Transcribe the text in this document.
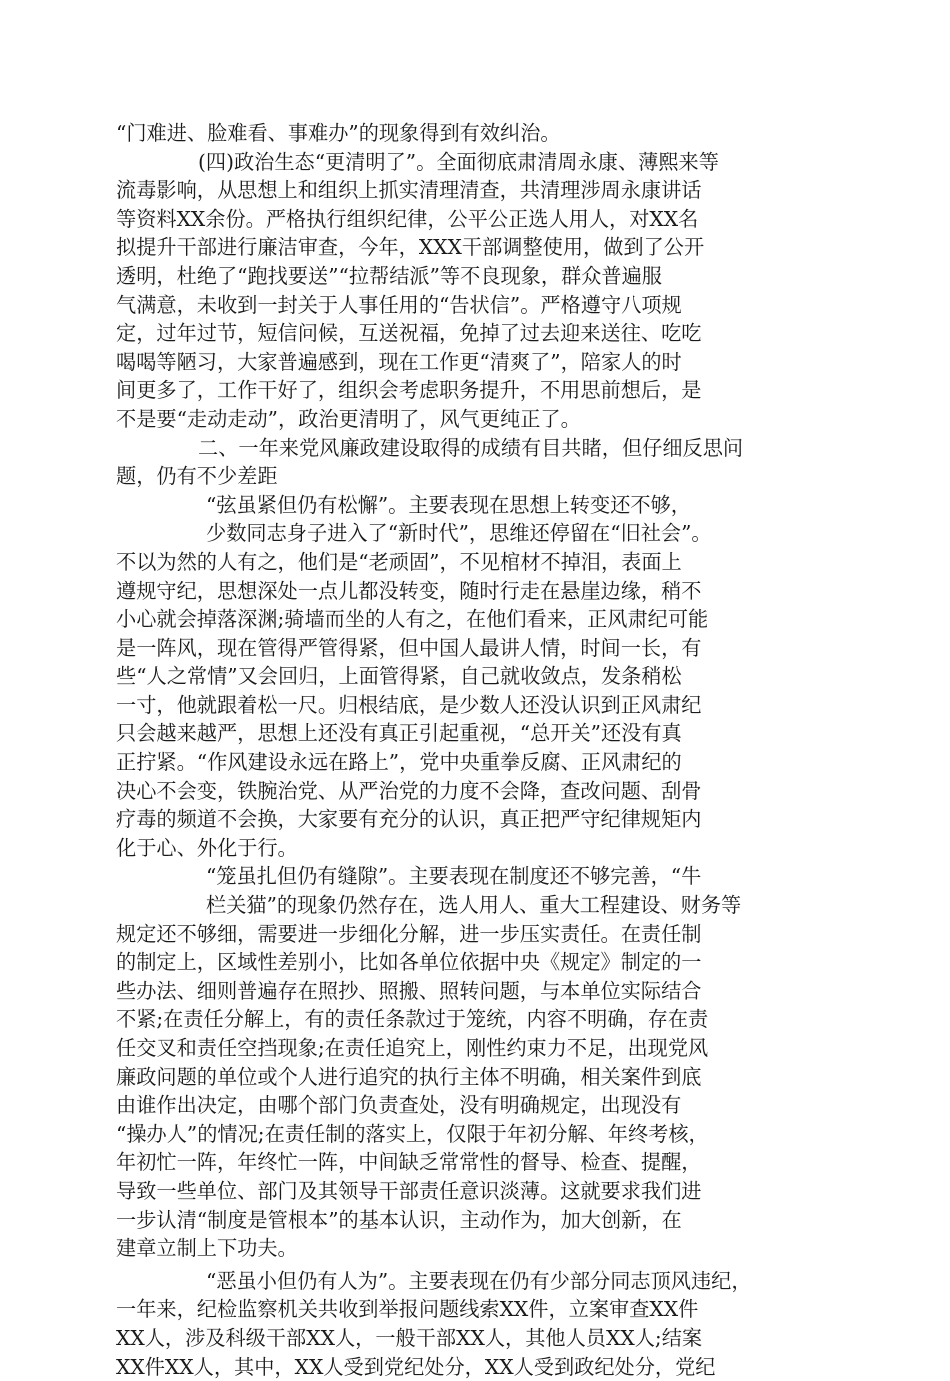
“门难进、脸难看、事难办”的现象得到有效纠治。
(四)政治生态“更清明了”。全面彻底肃清周永康、薄熙来等
流毒影响，从思想上和组织上抓实清理清查，共清理涉周永康讲话
等资料XX余份。严格执行组织纪律，公平公正选人用人，对XX名
拟提升干部进行廉洁审查，今年，XXX干部调整使用，做到了公开
透明，杜绝了“跑找要送”“拉帮结派”等不良现象，群众普遍服
气满意，未收到一封关于人事任用的“告状信”。严格遵守八项规
定，过年过节，短信问候，互送祝福，免掉了过去迎来送往、吃吃
喝喝等陋习，大家普遍感到，现在工作更“清爽了”，陪家人的时
间更多了，工作干好了，组织会考虑职务提升，不用思前想后，是
不是要“走动走动”，政治更清明了，风气更纯正了。
二、一年来党风廉政建设取得的成绩有目共睹，但仔细反思问
题，仍有不少差距
“弦虽紧但仍有松懈”。主要表现在思想上转变还不够，
少数同志身子进入了“新时代”，思维还停留在“旧社会”。
不以为然的人有之，他们是“老顽固”，不见棺材不掉泪，表面上
遵规守纪，思想深处一点儿都没转变，随时行走在悬崖边缘，稍不
小心就会掉落深渊;骑墙而坐的人有之，在他们看来，正风肃纪可能
是一阵风，现在管得严管得紧，但中国人最讲人情，时间一长，有
些“人之常情”又会回归，上面管得紧，自己就收敛点，发条稍松
一寸，他就跟着松一尺。归根结底，是少数人还没认识到正风肃纪
只会越来越严，思想上还没有真正引起重视，“总开关”还没有真
正拧紧。“作风建设永远在路上”，党中央重拳反腐、正风肃纪的
决心不会变，铁腕治党、从严治党的力度不会降，查改问题、刮骨
疗毒的频道不会换，大家要有充分的认识，真正把严守纪律规矩内
化于心、外化于行。
“笼虽扎但仍有缝隙”。主要表现在制度还不够完善，“牛
栏关猫”的现象仍然存在，选人用人、重大工程建设、财务等
规定还不够细，需要进一步细化分解，进一步压实责任。在责任制
的制定上，区域性差别小，比如各单位依据中央《规定》制定的一
些办法、细则普遍存在照抄、照搬、照转问题，与本单位实际结合
不紧;在责任分解上，有的责任条款过于笼统，内容不明确，存在责
任交叉和责任空挡现象;在责任追究上，刚性约束力不足，出现党风
廉政问题的单位或个人进行追究的执行主体不明确，相关案件到底
由谁作出决定，由哪个部门负责查处，没有明确规定，出现没有
“操办人”的情况;在责任制的落实上，仅限于年初分解、年终考核，
年初忙一阵，年终忙一阵，中间缺乏常常性的督导、检查、提醒，
导致一些单位、部门及其领导干部责任意识淡薄。这就要求我们进
一步认清“制度是管根本”的基本认识，主动作为，加大创新，在
建章立制上下功夫。
“恶虽小但仍有人为”。主要表现在仍有少部分同志顶风违纪，
一年来，纪检监察机关共收到举报问题线索XX件，立案审查XX件
XX人，涉及科级干部XX人，一般干部XX人，其他人员XX人;结案
XX件XX人，其中，XX人受到党纪处分，XX人受到政纪处分，党纪
